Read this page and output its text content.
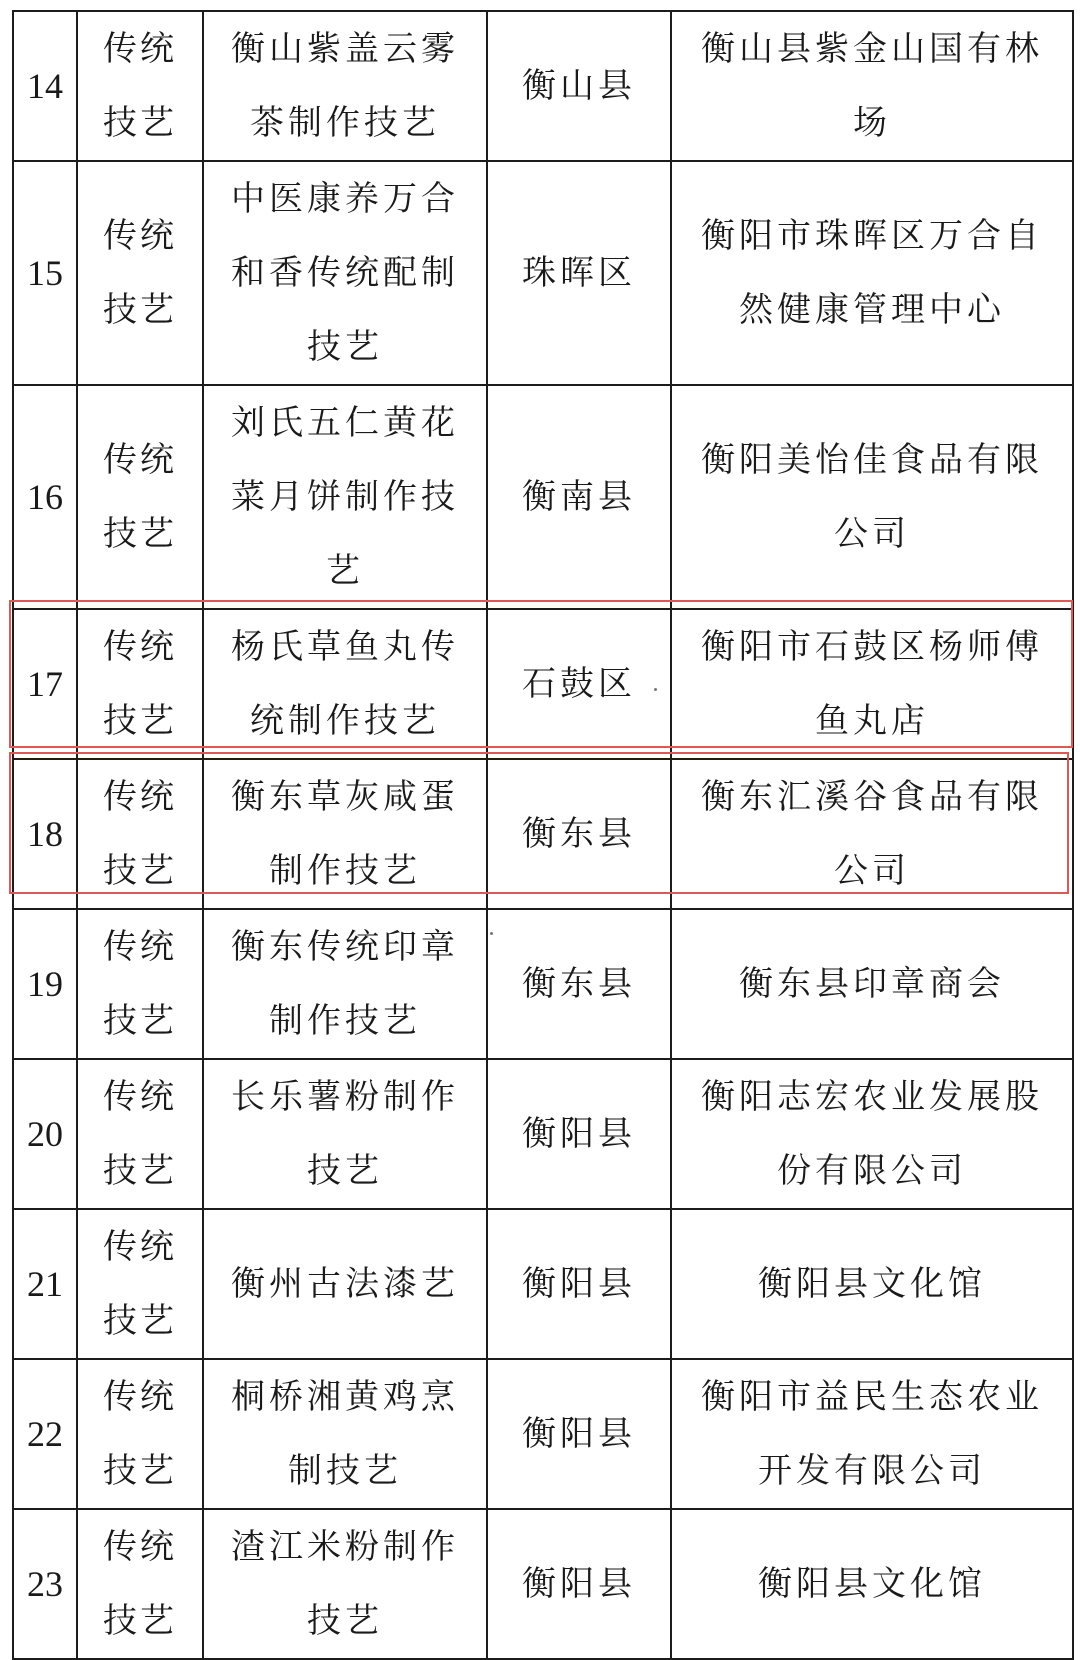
14	传统技艺	衡山紫盖云雾茶制作技艺	衡山县	衡山县紫金山国有林场
15	传统技艺	中医康养万合和香传统配制技艺	珠晖区	衡阳市珠晖区万合自然健康管理中心
16	传统技艺	刘氏五仁黄花菜月饼制作技艺	衡南县	衡阳美怡佳食品有限公司
17	传统技艺	杨氏草鱼丸传统制作技艺	石鼓区	衡阳市石鼓区杨师傅鱼丸店
18	传统技艺	衡东草灰咸蛋制作技艺	衡东县	衡东汇溪谷食品有限公司
19	传统技艺	衡东传统印章制作技艺	衡东县	衡东县印章商会
20	传统技艺	长乐薯粉制作技艺	衡阳县	衡阳志宏农业发展股份有限公司
21	传统技艺	衡州古法漆艺	衡阳县	衡阳县文化馆
22	传统技艺	桐桥湘黄鸡烹制技艺	衡阳县	衡阳市益民生态农业开发有限公司
23	传统技艺	渣江米粉制作技艺	衡阳县	衡阳县文化馆
